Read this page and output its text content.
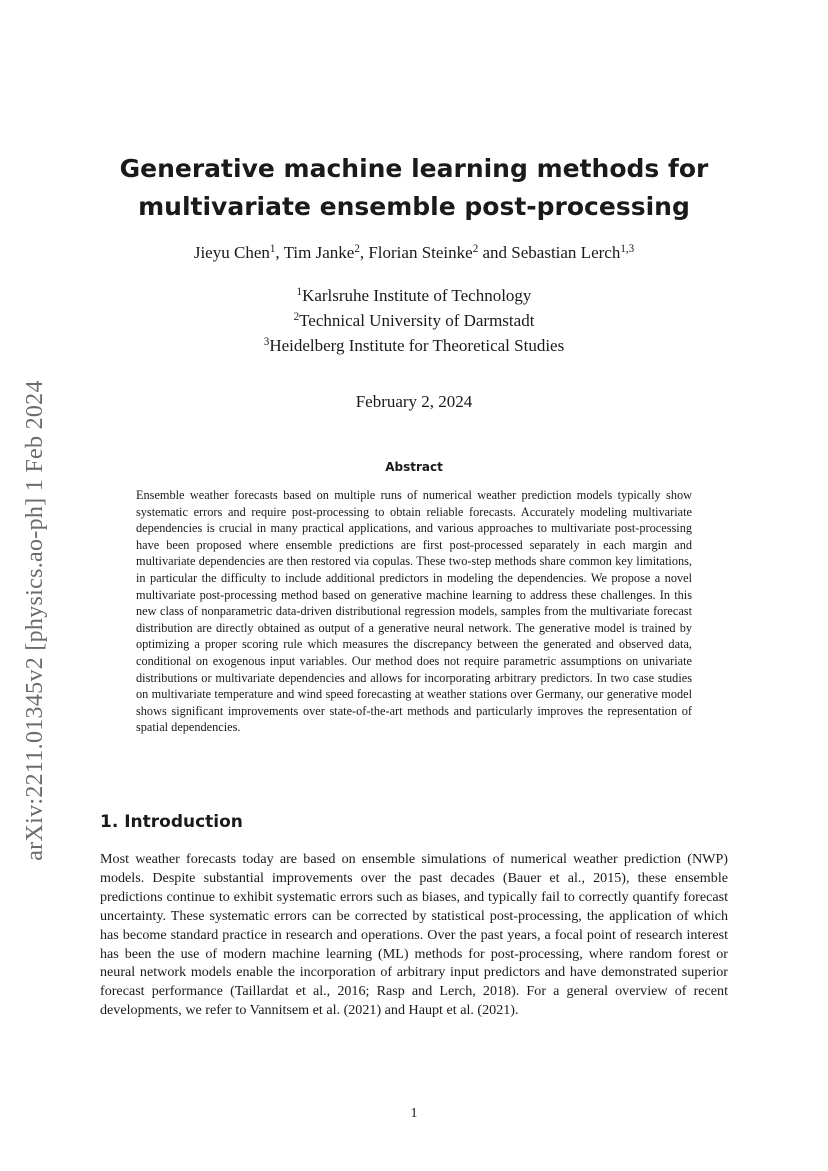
arXiv:2211.01345v2 [physics.ao-ph] 1 Feb 2024
Generative machine learning methods for
multivariate ensemble post-processing
Jieyu Chen$^1$, Tim Janke$^2$, Florian Steinke$^2$ and Sebastian Lerch$^{1,3}$
$^1$Karlsruhe Institute of Technology
$^2$Technical University of Darmstadt
$^3$Heidelberg Institute for Theoretical Studies
February 2, 2024
Abstract

Ensemble weather forecasts based on multiple runs of numerical weather prediction models typically show systematic errors and require post-processing to obtain reliable forecasts. Accurately modeling multivariate dependencies is crucial in many practical applications, and various approaches to multivariate post-processing have been proposed where ensemble predictions are first post-processed separately in each margin and multivariate dependencies are then restored via copulas. These two-step methods share common key limitations, in particular the difficulty to include additional predictors in modeling the dependencies. We propose a novel multivariate post-processing method based on generative machine learning to address these challenges. In this new class of nonparametric data-driven distributional regression models, samples from the multivariate forecast distribution are directly obtained as output of a generative neural network. The generative model is trained by optimizing a proper scoring rule which measures the discrepancy between the generated and observed data, conditional on exogenous input variables. Our method does not require parametric assumptions on univariate distributions or multivariate dependencies and allows for incorporating arbitrary predictors. In two case studies on multivariate temperature and wind speed forecasting at weather stations over Germany, our generative model shows significant improvements over state-of-the-art methods and particularly improves the representation of spatial dependencies.

1. Introduction

Most weather forecasts today are based on ensemble simulations of numerical weather prediction (NWP) models. Despite substantial improvements over the past decades (Bauer et al., 2015), these ensemble predictions continue to exhibit systematic errors such as biases, and typically fail to correctly quantify forecast uncertainty. These systematic errors can be corrected by statistical post-processing, the application of which has become standard practice in research and operations. Over the past years, a focal point of research interest has been the use of modern machine learning (ML) methods for post-processing, where random forest or neural network models enable the incorporation of arbitrary input predictors and have demonstrated superior forecast performance (Taillardat et al., 2016; Rasp and Lerch, 2018). For a general overview of recent developments, we refer to Vannitsem et al. (2021) and Haupt et al. (2021).

1
